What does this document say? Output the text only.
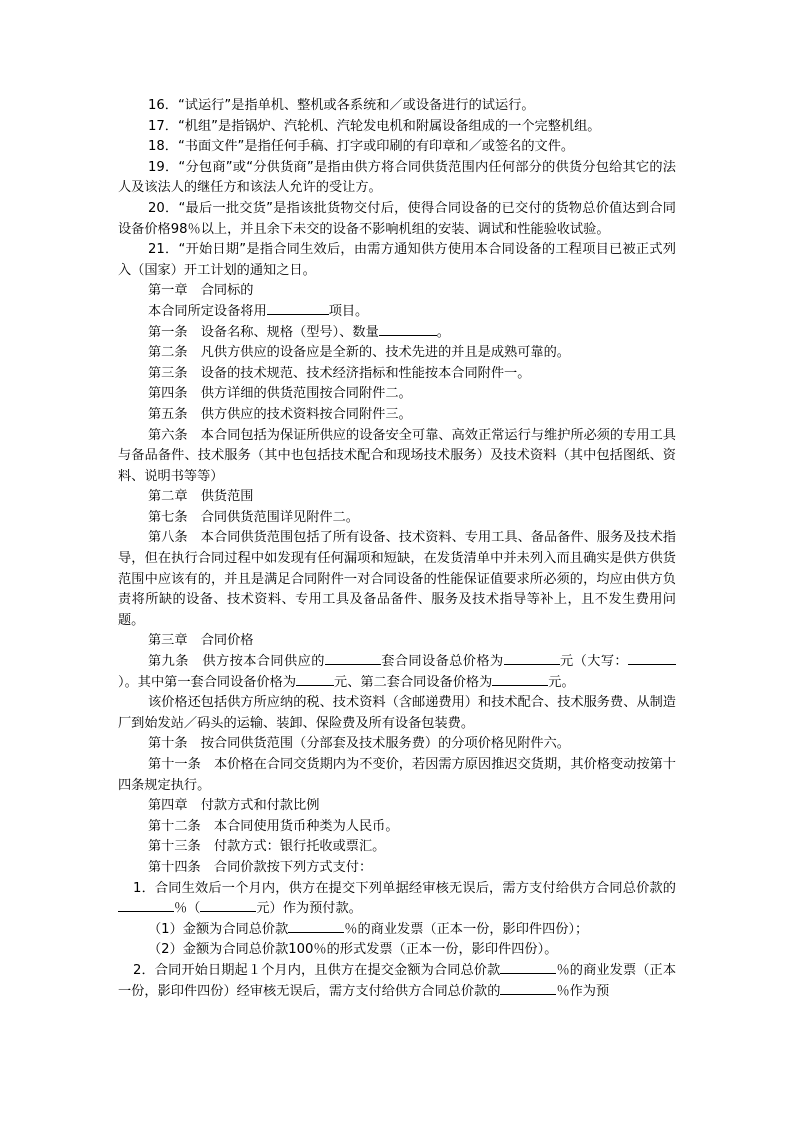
16．“试运行”是指单机、整机或各系统和／或设备进行的试运行。

17．“机组”是指锅炉、汽轮机、汽轮发电机和附属设备组成的一个完整机组。

18．“书面文件”是指任何手稿、打字或印刷的有印章和／或签名的文件。

19．“分包商”或“分供货商”是指由供方将合同供货范围内任何部分的供货分包给其它的法人及该法人的继任方和该法人允许的受让方。

20．“最后一批交货”是指该批货物交付后，使得合同设备的已交付的货物总价值达到合同设备价格98％以上，并且余下未交的设备不影响机组的安装、调试和性能验收试验。

21．“开始日期”是指合同生效后，由需方通知供方使用本合同设备的工程项目已被正式列入（国家）开工计划的通知之日。

第一章　合同标的

本合同所定设备将用	项目。

第一条　设备名称、规格（型号）、数量	。

第二条　凡供方供应的设备应是全新的、技术先进的并且是成熟可靠的。

第三条　设备的技术规范、技术经济指标和性能按本合同附件一。

第四条　供方详细的供货范围按合同附件二。

第五条　供方供应的技术资料按合同附件三。

第六条　本合同包括为保证所供应的设备安全可靠、高效正常运行与维护所必须的专用工具与备品备件、技术服务（其中也包括技术配合和现场技术服务）及技术资料（其中包括图纸、资料、说明书等等）

第二章　供货范围

第七条　合同供货范围详见附件二。

第八条　本合同供货范围包括了所有设备、技术资料、专用工具、备品备件、服务及技术指导，但在执行合同过程中如发现有任何漏项和短缺，在发货清单中并未列入而且确实是供方供货范围中应该有的，并且是满足合同附件一对合同设备的性能保证值要求所必须的，均应由供方负责将所缺的设备、技术资料、专用工具及备品备件、服务及技术指导等补上，且不发生费用问题。

第三章　合同价格

第九条　供方按本合同供应的	套合同设备总价格为	元（大写：）。其中第一套合同设备价格为	元、第二套合同设备价格为	元。

该价格还包括供方所应纳的税、技术资料（含邮递费用）和技术配合、技术服务费、从制造厂到始发站／码头的运输、装卸、保险费及所有设备包装费。

第十条　按合同供货范围（分部套及技术服务费）的分项价格见附件六。

第十一条　本价格在合同交货期内为不变价，若因需方原因推迟交货期，其价格变动按第十四条规定执行。

第四章　付款方式和付款比例

第十二条　本合同使用货币种类为人民币。

第十三条　付款方式：银行托收或票汇。

第十四条　合同价款按下列方式支付：

1．合同生效后一个月内，供方在提交下列单据经审核无误后，需方支付给供方合同总价款的％（	元）作为预付款。

（1）金额为合同总价款	％的商业发票（正本一份，影印件四份）；

（2）金额为合同总价款100％的形式发票（正本一份，影印件四份）。

2．合同开始日期起１个月内，且供方在提交金额为合同总价款	％的商业发票（正本一份，影印件四份）经审核无误后，需方支付给供方合同总价款的	％作为预
